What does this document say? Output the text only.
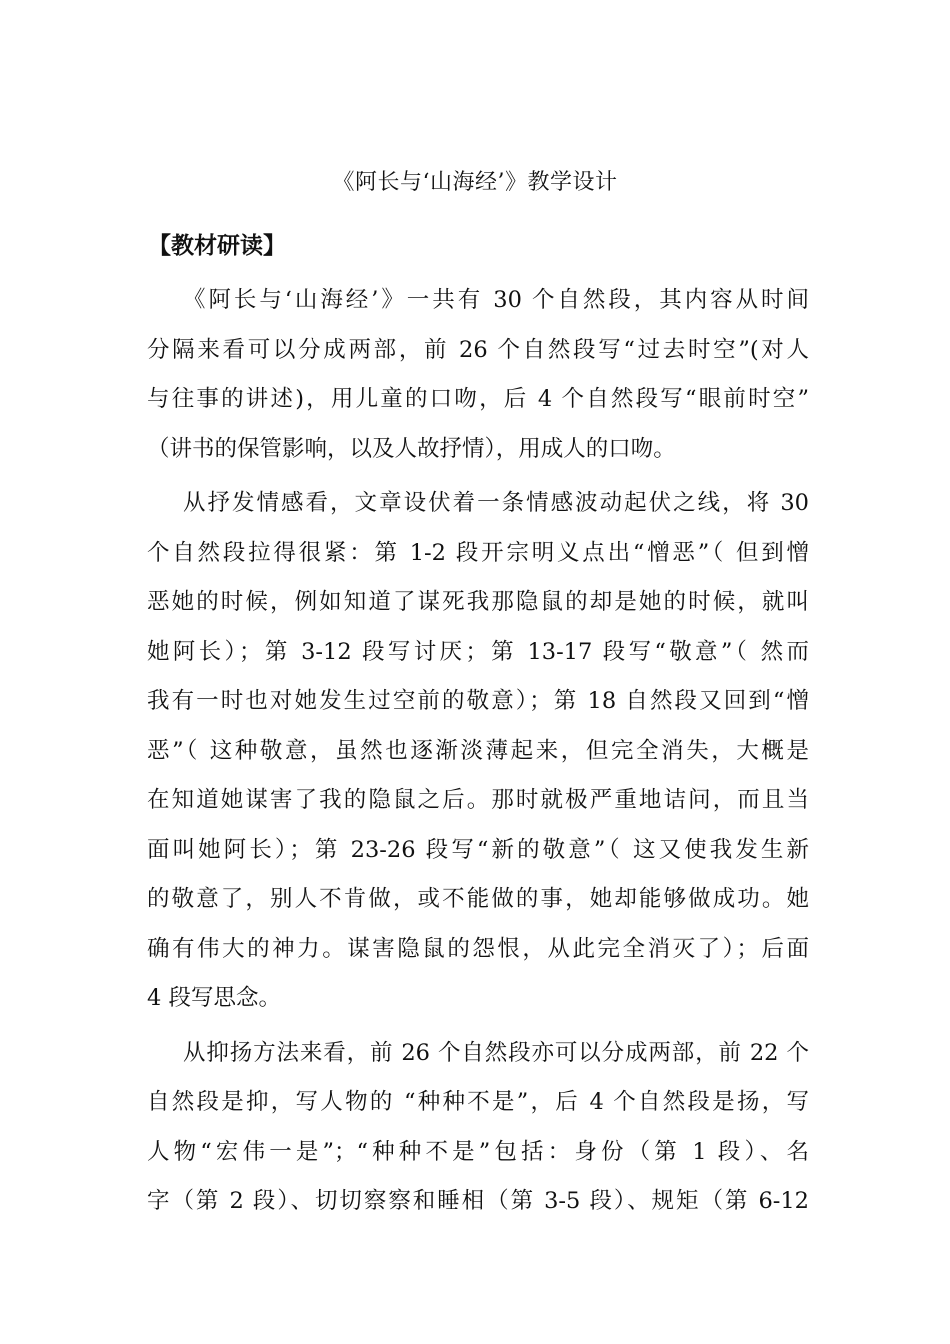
《阿长与‘山海经’》教学设计
【教材研读】
《阿长与‘山海经’》一共有 30 个自然段，其内容从时间
分隔来看可以分成两部，前 26 个自然段写“过去时空”(对人
与往事的讲述)，用儿童的口吻，后 4 个自然段写“眼前时空”
（讲书的保管影响，以及人故抒情），用成人的口吻。
从抒发情感看，文章设伏着一条情感波动起伏之线，将 30
个自然段拉得很紧：第 1-2 段开宗明义点出“憎恶”（ 但到憎
恶她的时候，例如知道了谋死我那隐鼠的却是她的时候，就叫
她阿长）；第 3-12 段写讨厌；第 13-17 段写“敬意”（ 然而
我有一时也对她发生过空前的敬意）；第 18 自然段又回到“憎
恶”（ 这种敬意，虽然也逐渐淡薄起来，但完全消失，大概是
在知道她谋害了我的隐鼠之后。那时就极严重地诘问，而且当
面叫她阿长）；第 23-26 段写“新的敬意”（ 这又使我发生新
的敬意了，别人不肯做，或不能做的事，她却能够做成功。她
确有伟大的神力。谋害隐鼠的怨恨，从此完全消灭了）；后面
4 段写思念。
从抑扬方法来看，前 26 个自然段亦可以分成两部，前 22 个
自然段是抑，写人物的 “种种不是”，后 4 个自然段是扬，写
人物“宏伟一是”；“种种不是”包括：身份（第 1 段）、名
字（第 2 段）、切切察察和睡相（第 3-5 段）、规矩（第 6-12
